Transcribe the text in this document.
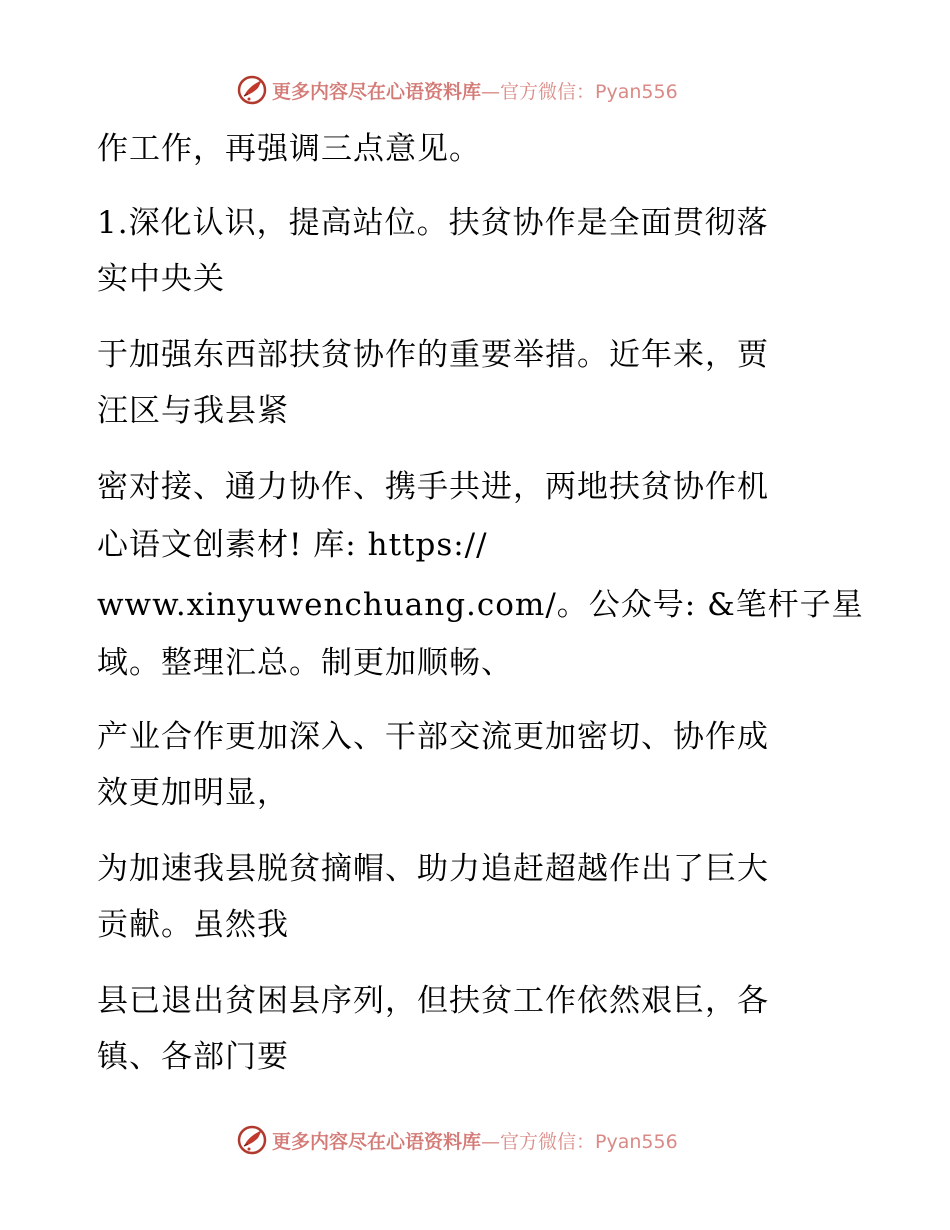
更多内容尽在心语资料库—官方微信：Pyan556
作工作，再强调三点意见。
1.深化认识，提高站位。扶贫协作是全面贯彻落
实中央关
于加强东西部扶贫协作的重要举措。近年来，贾
汪区与我县紧
密对接、通力协作、携手共进，两地扶贫协作机
心语文创素材! 库: https://
www.xinyuwenchuang.com/。公众号: &笔杆子星
域。整理汇总。制更加顺畅、
产业合作更加深入、干部交流更加密切、协作成
效更加明显，
为加速我县脱贫摘帽、助力追赶超越作出了巨大
贡献。虽然我
县已退出贫困县序列，但扶贫工作依然艰巨，各
镇、各部门要
更多内容尽在心语资料库—官方微信：Pyan556
